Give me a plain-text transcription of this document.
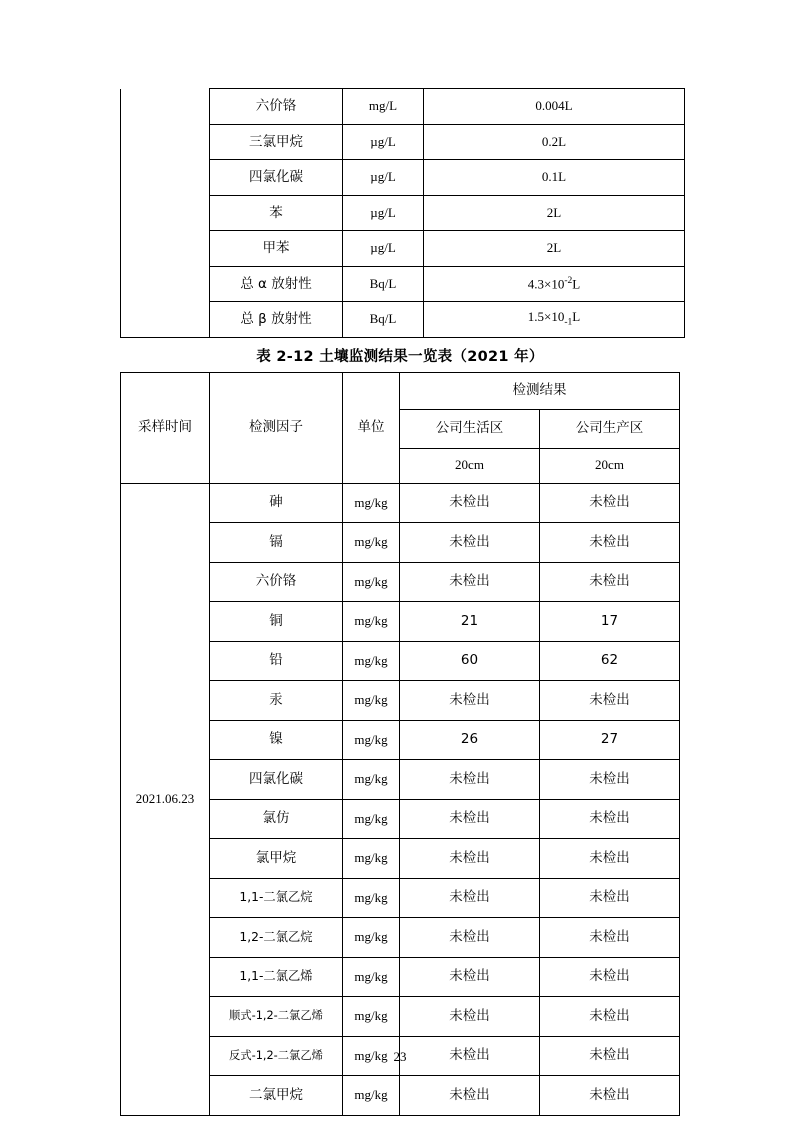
	六价铬	mg/L	0.004L
	三氯甲烷	µg/L	0.2L
	四氯化碳	µg/L	0.1L
	苯	µg/L	2L
	甲苯	µg/L	2L
	总 α 放射性	Bq/L	$4.3\times 10^{-2}L$
	总 β 放射性	Bq/L	$1.5\times 10_{-1}L$
表 2-12 土壤监测结果一览表（2021 年）
采样时间	检测因子	单位	检测结果	
			公司生活区	公司生产区
			20cm	20cm
2021.06.23	砷	mg/kg	未检出	未检出
	镉	mg/kg	未检出	未检出
	六价铬	mg/kg	未检出	未检出
	铜	mg/kg	21	17
	铅	mg/kg	60	62
	汞	mg/kg	未检出	未检出
	镍	mg/kg	26	27
	四氯化碳	mg/kg	未检出	未检出
	氯仿	mg/kg	未检出	未检出
	氯甲烷	mg/kg	未检出	未检出
	1,1-二氯乙烷	mg/kg	未检出	未检出
	1,2-二氯乙烷	mg/kg	未检出	未检出
	1,1-二氯乙烯	mg/kg	未检出	未检出
	顺式-1,2-二氯乙烯	mg/kg	未检出	未检出
	反式-1,2-二氯乙烯	mg/kg	未检出	未检出
	二氯甲烷	mg/kg	未检出	未检出
23
